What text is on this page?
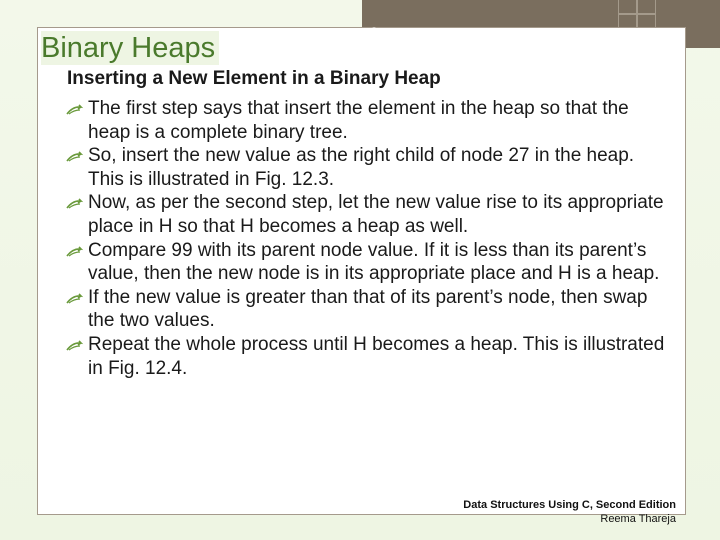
8
Binary Heaps
Inserting a New Element in a Binary Heap
The first step says that insert the element in the heap so that the heap is a complete binary tree.
So, insert the new value as the right child of node 27 in the heap. This is illustrated in Fig. 12.3.
Now, as per the second step, let the new value rise to its appropriate place in H so that H becomes a heap as well.
Compare 99 with its parent node value. If it is less than its parent’s value, then the new node is in its appropriate place and H is a heap.
If the new value is greater than that of its parent’s node, then swap the two values.
Repeat the whole process until H becomes a heap. This is illustrated in Fig. 12.4.
Data Structures Using C, Second Edition
Reema Thareja
